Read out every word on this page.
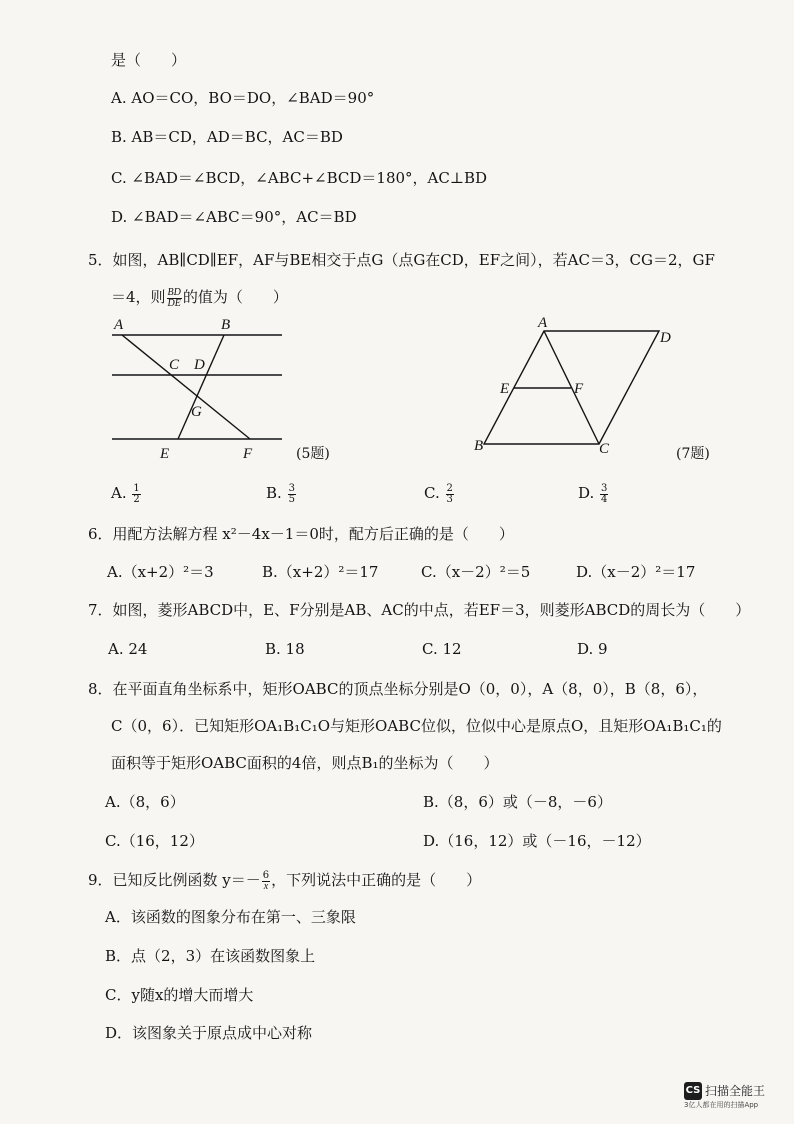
是（　　）
A. AO＝CO，BO＝DO，∠BAD＝90°
B. AB＝CD，AD＝BC，AC＝BD
C. ∠BAD＝∠BCD，∠ABC+∠BCD＝180°，AC⊥BD
D. ∠BAD＝∠ABC＝90°，AC＝BD
5．如图，AB∥CD∥EF，AF与BE相交于点G（点G在CD，EF之间），若AC＝3，CG＝2，GF
＝4，则 $\frac{BD}{DE}$ 的值为（　　）
A	B
C D
G
E	F	(5题)
A
D
E	F
B	C	(7题)
A. $\frac{1}{2}$	B. $\frac{3}{5}$	C. $\frac{2}{3}$	D. $\frac{3}{4}$
6．用配方法解方程 x²－4x－1＝0时，配方后正确的是（　　）
A.（x+2）²＝3	B.（x+2）²＝17	C.（x－2）²＝5	D.（x－2）²＝17
7．如图，菱形ABCD中，E、F分别是AB、AC的中点，若EF＝3，则菱形ABCD的周长为（　　）
A. 24	B. 18	C. 12	D. 9
8．在平面直角坐标系中，矩形OABC的顶点坐标分别是O（0，0），A（8，0），B（8，6），
C（0，6）．已知矩形OA₁B₁C₁O与矩形OABC位似，位似中心是原点O，且矩形OA₁B₁C₁的
面积等于矩形OABC面积的4倍，则点B₁的坐标为（　　）
A.（8，6）	B.（8，6）或（－8，－6）
C.（16，12）	D.（16，12）或（－16，－12）
9．已知反比例函数 $y=- \frac{6}{x}$ ，下列说法中正确的是（　　）
A．该函数的图象分布在第一、三象限
B．点（2，3）在该函数图象上
C．y随x的增大而增大
D．该图象关于原点成中心对称
CS 扫描全能王
3亿人都在用的扫描App
